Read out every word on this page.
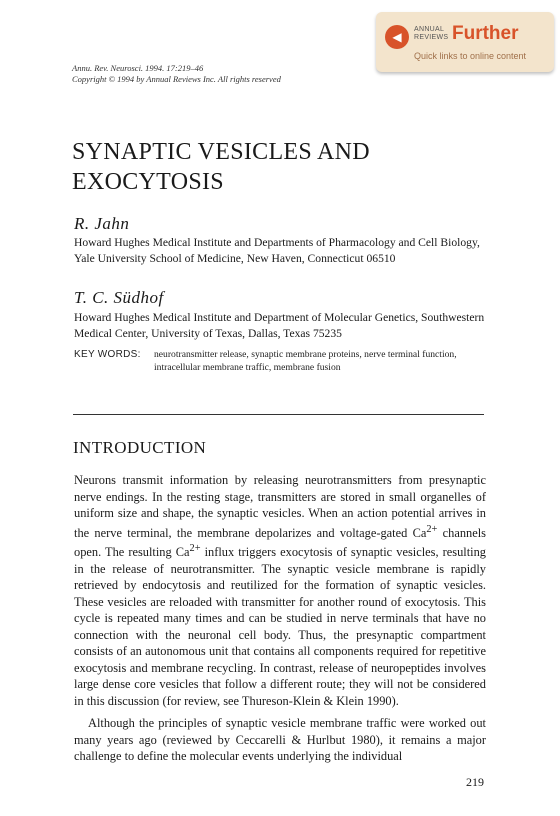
◀
ANNUAL
REVIEWS Further
Quick links to online content
Annu. Rev. Neurosci. 1994. 17:219–46
Copyright © 1994 by Annual Reviews Inc. All rights reserved
SYNAPTIC VESICLES AND EXOCYTOSIS
R. Jahn
Howard Hughes Medical Institute and Departments of Pharmacology and Cell Biology, Yale University School of Medicine, New Haven, Connecticut 06510
T. C. Südhof
Howard Hughes Medical Institute and Department of Molecular Genetics, Southwestern Medical Center, University of Texas, Dallas, Texas 75235
KEY WORDS: neurotransmitter release, synaptic membrane proteins, nerve terminal function, intracellular membrane traffic, membrane fusion
INTRODUCTION
Neurons transmit information by releasing neurotransmitters from presynaptic nerve endings. In the resting stage, transmitters are stored in small organelles of uniform size and shape, the synaptic vesicles. When an action potential arrives in the nerve terminal, the membrane depolarizes and voltage-gated $Ca^{2+}$ channels open. The resulting $Ca^{2+}$ influx triggers exocytosis of synaptic vesicles, resulting in the release of neurotransmitter. The synaptic vesicle membrane is rapidly retrieved by endocytosis and reutilized for the formation of synaptic vesicles. These vesicles are reloaded with transmitter for another round of exocytosis. This cycle is repeated many times and can be studied in nerve terminals that have no connection with the neuronal cell body. Thus, the presynaptic compartment consists of an autonomous unit that contains all components required for repetitive exocytosis and membrane recycling. In contrast, release of neuropeptides involves large dense core vesicles that follow a different route; they will not be considered in this discussion (for review, see Thureson-Klein & Klein 1990).
Although the principles of synaptic vesicle membrane traffic were worked out many years ago (reviewed by Ceccarelli & Hurlbut 1980), it remains a major challenge to define the molecular events underlying the individual
219
